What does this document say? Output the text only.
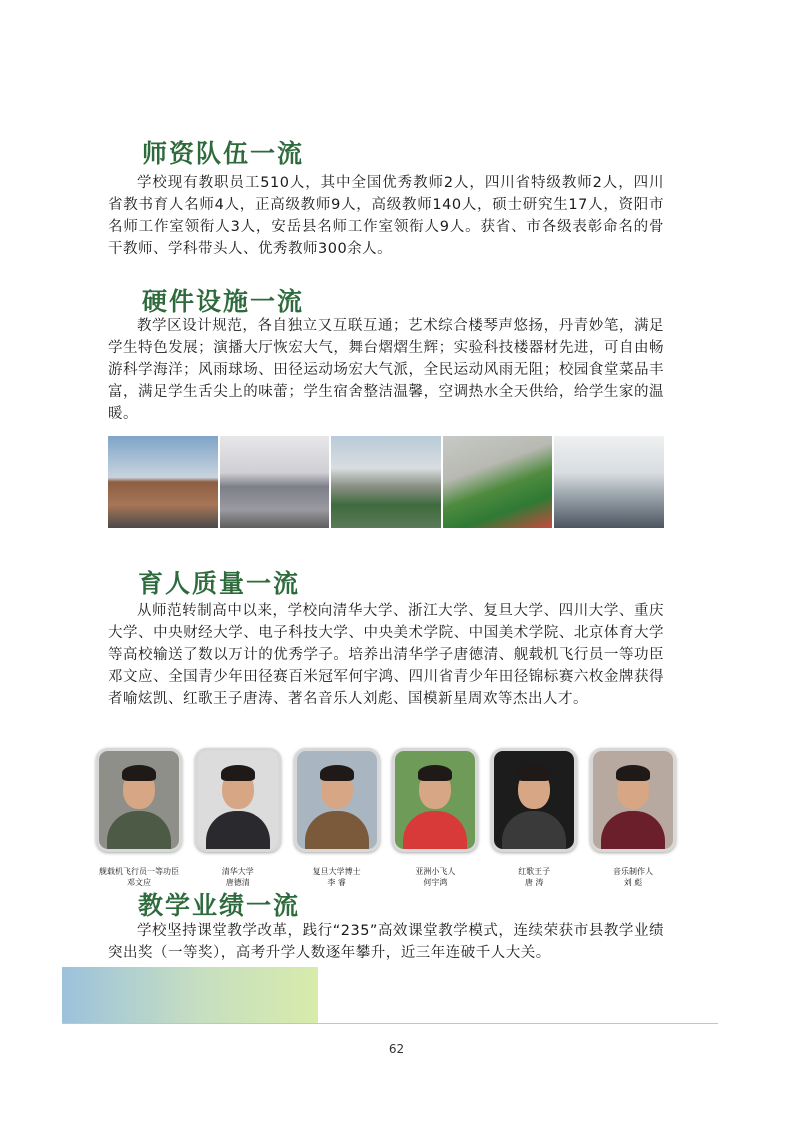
师资队伍一流

学校现有教职员工510人，其中全国优秀教师2人，四川省特级教师2人，四川省教书育人名师4人，正高级教师9人，高级教师140人，硕士研究生17人，资阳市名师工作室领衔人3人，安岳县名师工作室领衔人9人。获省、市各级表彰命名的骨干教师、学科带头人、优秀教师300余人。

硬件设施一流

教学区设计规范，各自独立又互联互通；艺术综合楼琴声悠扬，丹青妙笔，满足学生特色发展；演播大厅恢宏大气，舞台熠熠生辉；实验科技楼器材先进，可自由畅游科学海洋；风雨球场、田径运动场宏大气派，全民运动风雨无阻；校园食堂菜品丰富，满足学生舌尖上的味蕾；学生宿舍整洁温馨，空调热水全天供给，给学生家的温暖。

育人质量一流

从师范转制高中以来，学校向清华大学、浙江大学、复旦大学、四川大学、重庆大学、中央财经大学、电子科技大学、中央美术学院、中国美术学院、北京体育大学等高校输送了数以万计的优秀学子。培养出清华学子唐德清、舰载机飞行员一等功臣邓文应、全国青少年田径赛百米冠军何宇鸿、四川省青少年田径锦标赛六枚金牌获得者喻炫凯、红歌王子唐涛、著名音乐人刘彪、国模新星周欢等杰出人才。

舰载机飞行员一等功臣
邓文应
清华大学
唐德清
复旦大学博士
李 睿
亚洲小飞人
何宇鸿
红歌王子
唐 涛
音乐制作人
刘 彪
教学业绩一流

学校坚持课堂教学改革，践行“235”高效课堂教学模式，连续荣获市县教学业绩突出奖（一等奖），高考升学人数逐年攀升，近三年连破千人大关。

62
